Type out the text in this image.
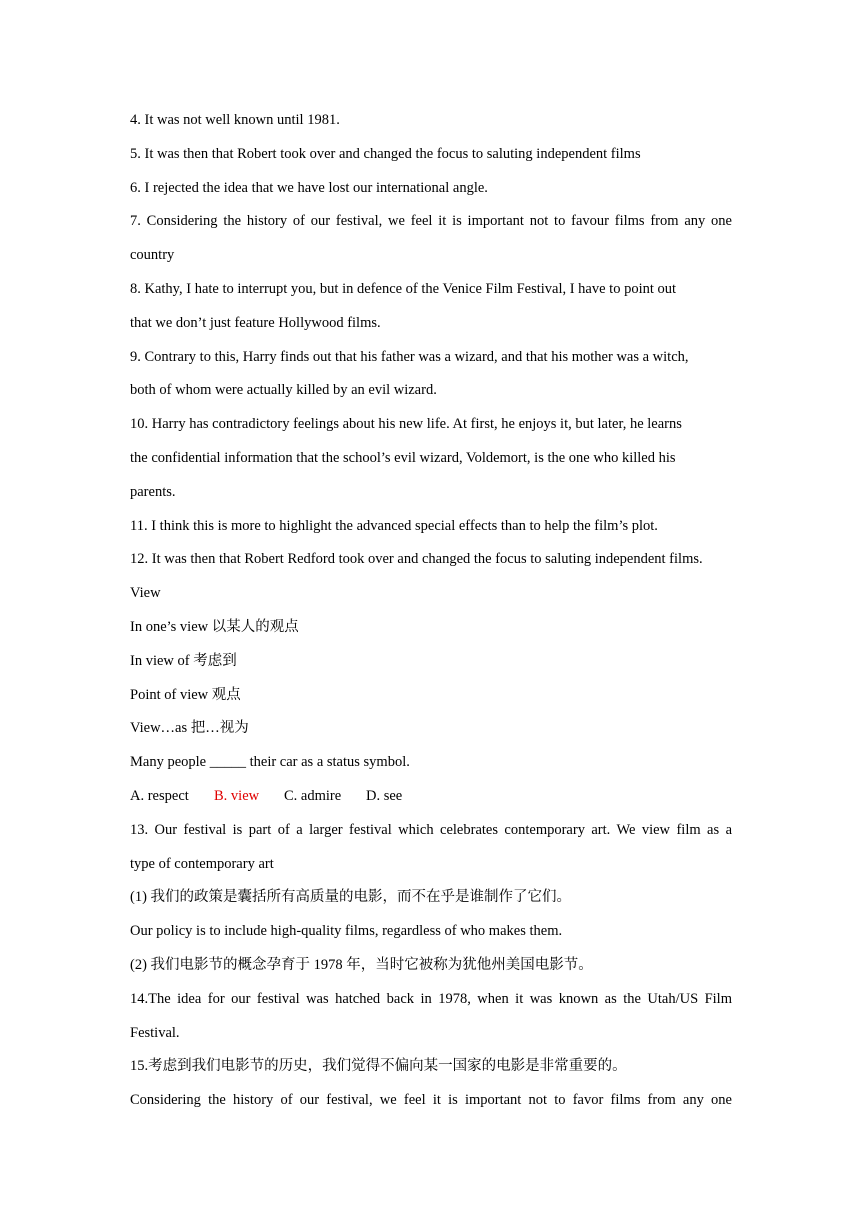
4. It was not well known until 1981.
5. It was then that Robert took over and changed the focus to saluting independent films
6. I rejected the idea that we have lost our international angle.
7. Considering the history of our festival, we feel it is important not to favour films from any one
country
8. Kathy, I hate to interrupt you, but in defence of the Venice Film Festival, I have to point out
that we don’t just feature Hollywood films.
9. Contrary to this, Harry finds out that his father was a wizard, and that his mother was a witch,
both of whom were actually killed by an evil wizard.
10. Harry has contradictory feelings about his new life. At first, he enjoys it, but later, he learns
the confidential information that the school’s evil wizard, Voldemort, is the one who killed his
parents.
11. I think this is more to highlight the advanced special effects than to help the film’s plot.
12. It was then that Robert Redford took over and changed the focus to saluting independent films.
View
In one’s view 以某人的观点
In view of 考虑到
Point of view 观点
View…as 把…视为
Many people _____ their car as a status symbol.
A. respect B. view C. admire D. see
13. Our festival is part of a larger festival which celebrates contemporary art. We view film as a
type of contemporary art
(1) 我们的政策是囊括所有高质量的电影，而不在乎是谁制作了它们。
Our policy is to include high-quality films, regardless of who makes them.
(2) 我们电影节的概念孕育于 1978 年，当时它被称为犹他州美国电影节。
14.The idea for our festival was hatched back in 1978, when it was known as the Utah/US Film
Festival.
15.考虑到我们电影节的历史，我们觉得不偏向某一国家的电影是非常重要的。
Considering the history of our festival, we feel it is important not to favor films from any one
